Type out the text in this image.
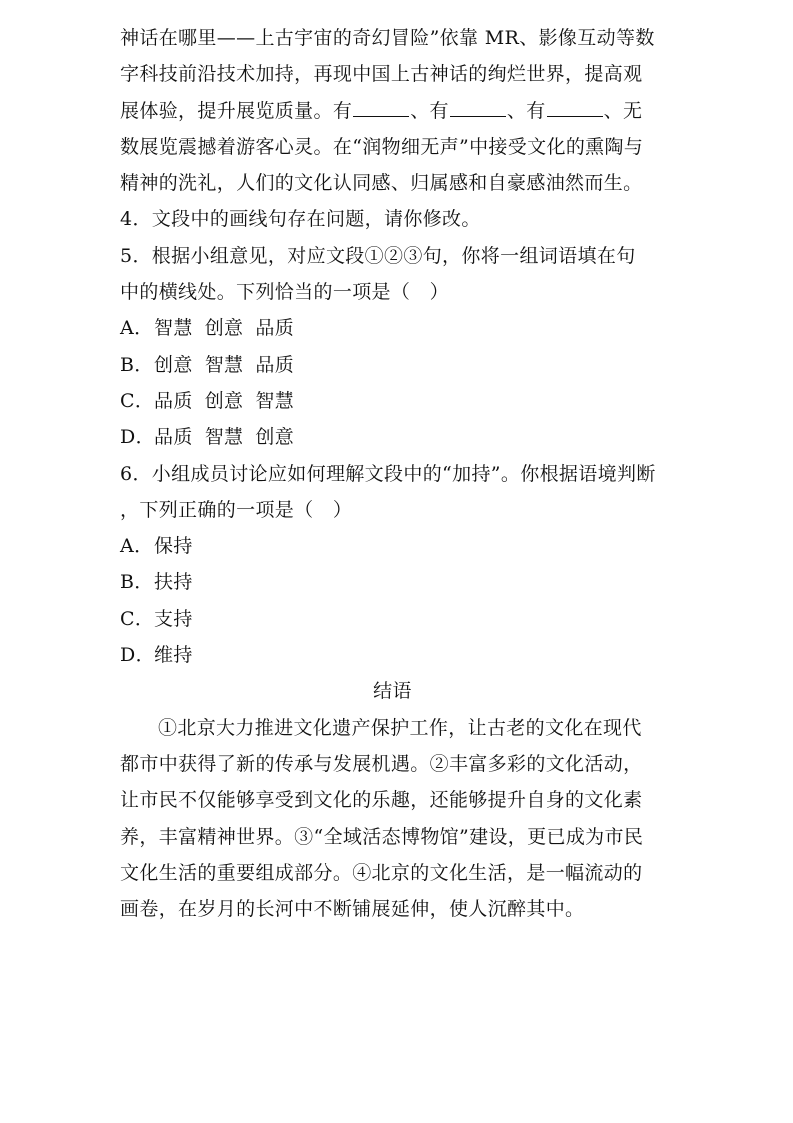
神话在哪里——上古宇宙的奇幻冒险”依靠 MR、影像互动等数
字科技前沿技术加持，再现中国上古神话的绚烂世界，提高观
展体验，提升展览质量。有	、有	、有	、无
数展览震撼着游客心灵。在“润物细无声”中接受文化的熏陶与
精神的洗礼，人们的文化认同感、归属感和自豪感油然而生。
4．文段中的画线句存在问题，请你修改。
5．根据小组意见，对应文段①②③句，你将一组词语填在句
中的横线处。下列恰当的一项是（　）
A．智慧 创意 品质
B．创意 智慧 品质
C．品质 创意 智慧
D．品质 智慧 创意
6．小组成员讨论应如何理解文段中的“加持”。你根据语境判断
，下列正确的一项是（　）
A．保持
B．扶持
C．支持
D．维持
结语
①北京大力推进文化遗产保护工作，让古老的文化在现代
都市中获得了新的传承与发展机遇。②丰富多彩的文化活动，
让市民不仅能够享受到文化的乐趣，还能够提升自身的文化素
养，丰富精神世界。③“全域活态博物馆”建设，更已成为市民
文化生活的重要组成部分。④北京的文化生活，是一幅流动的
画卷，在岁月的长河中不断铺展延伸，使人沉醉其中。
